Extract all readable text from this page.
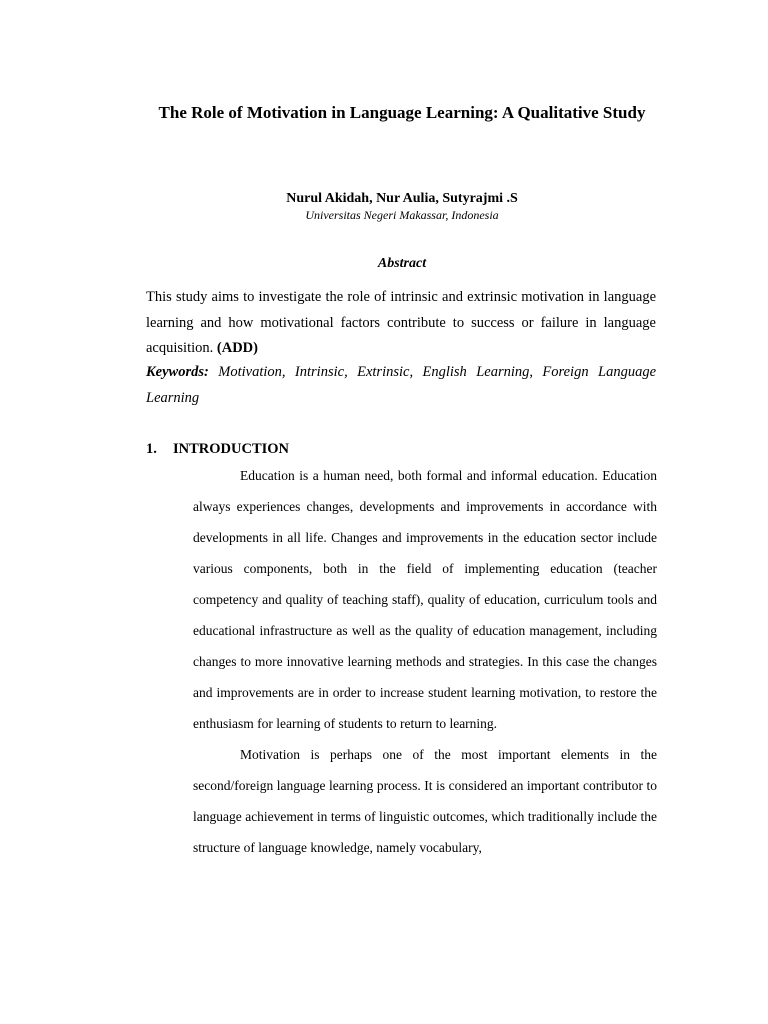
The Role of Motivation in Language Learning: A Qualitative Study
Nurul Akidah, Nur Aulia, Sutyrajmi .S
Universitas Negeri Makassar, Indonesia
Abstract

This study aims to investigate the role of intrinsic and extrinsic motivation in language learning and how motivational factors contribute to success or failure in language acquisition. (ADD)

Keywords: Motivation, Intrinsic, Extrinsic, English Learning, Foreign Language Learning

1. INTRODUCTION

Education is a human need, both formal and informal education. Education always experiences changes, developments and improvements in accordance with developments in all life. Changes and improvements in the education sector include various components, both in the field of implementing education (teacher competency and quality of teaching staff), quality of education, curriculum tools and educational infrastructure as well as the quality of education management, including changes to more innovative learning methods and strategies. In this case the changes and improvements are in order to increase student learning motivation, to restore the enthusiasm for learning of students to return to learning.

Motivation is perhaps one of the most important elements in the second/foreign language learning process. It is considered an important contributor to language achievement in terms of linguistic outcomes, which traditionally include the structure of language knowledge, namely vocabulary,
